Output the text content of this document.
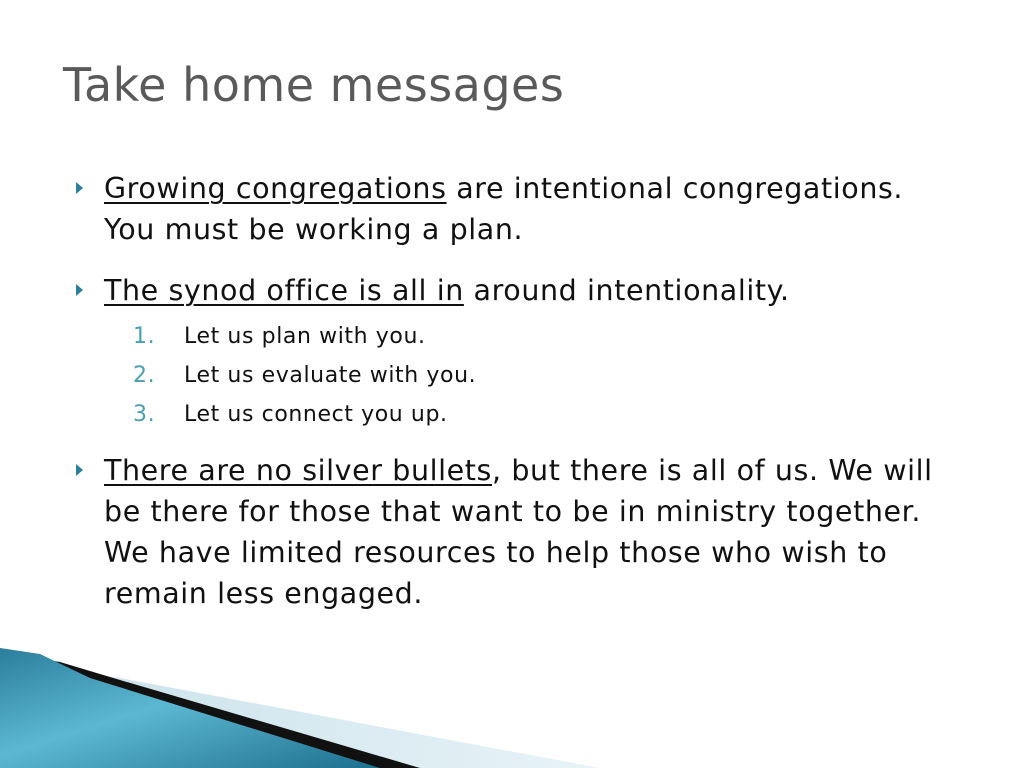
Take home messages
Growing congregations are intentional congregations. You must be working a plan.
The synod office is all in around intentionality.
1. Let us plan with you.
2. Let us evaluate with you.
3. Let us connect you up.
There are no silver bullets, but there is all of us. We will be there for those that want to be in ministry together. We have limited resources to help those who wish to remain less engaged.
